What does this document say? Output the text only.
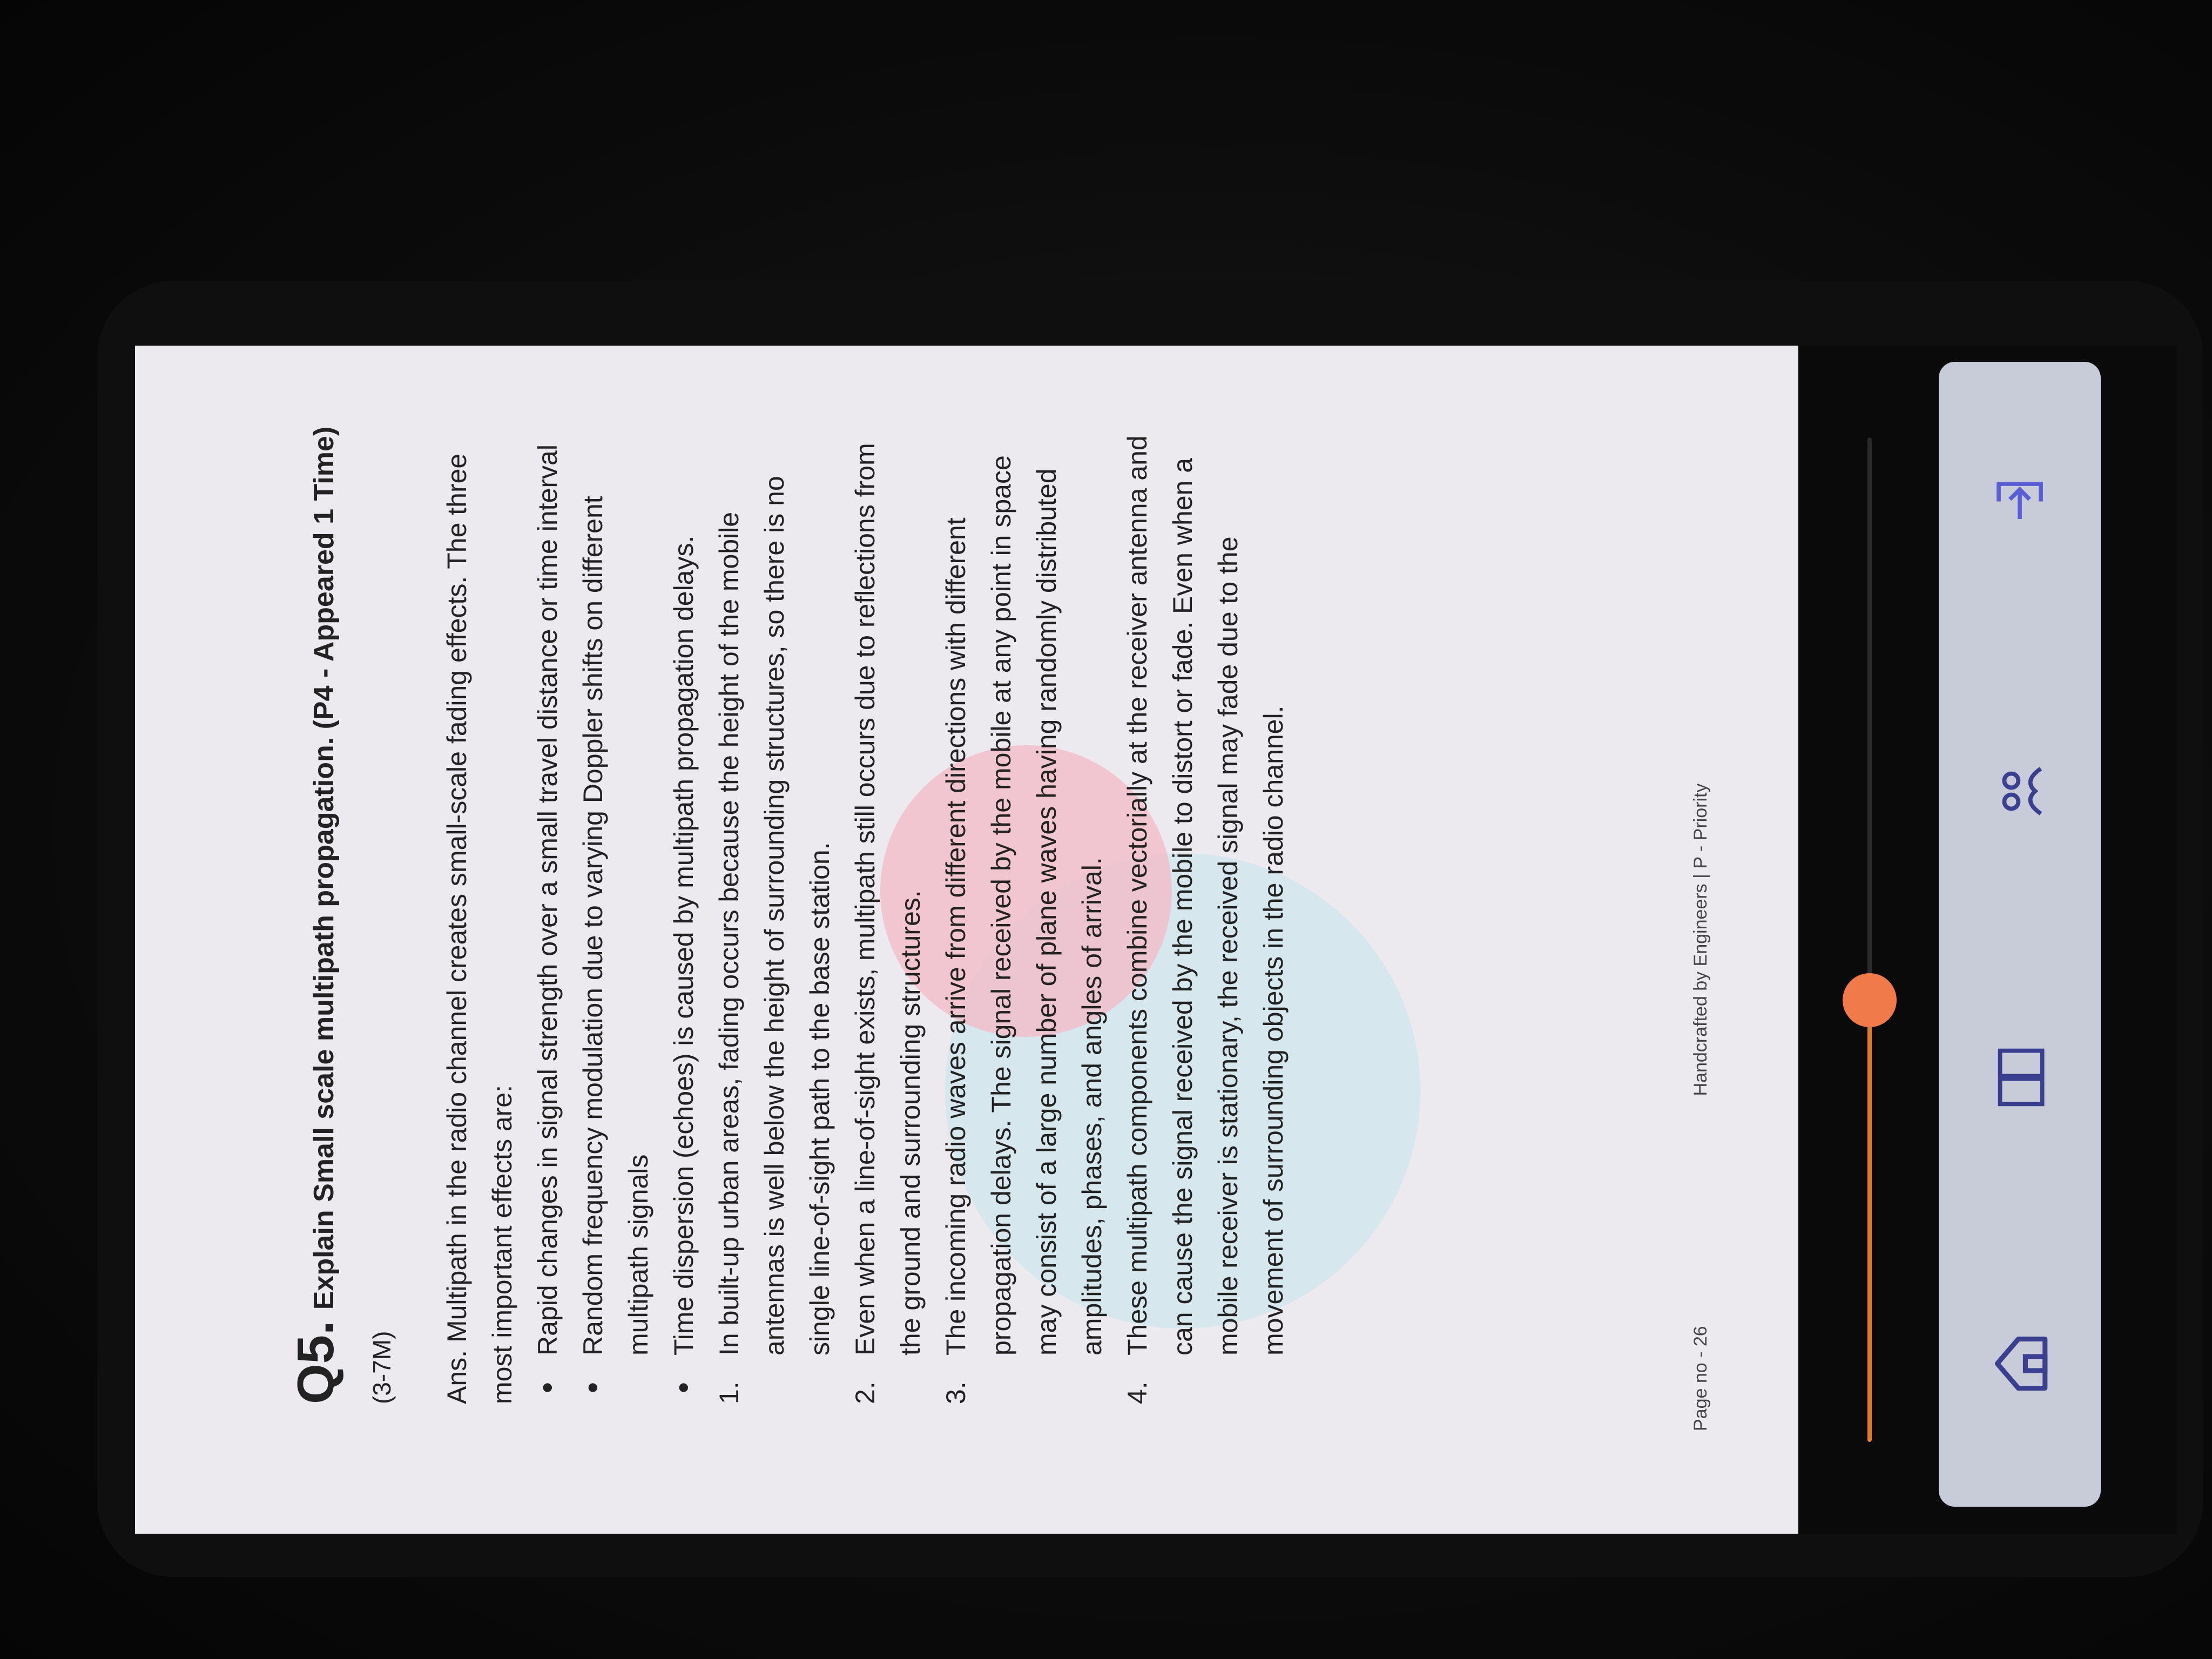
Q5.
Explain Small scale multipath propagation. (P4 - Appeared 1 Time)

(3-7M) Ans. Multipath in the radio channel creates small-scale fading effects. The three most important effects are: • Rapid changes in signal strength over a small travel distance or time interval • Random frequency modulation due to varying Doppler shifts on different multipath signals • Time dispersion (echoes) is caused by multipath propagation delays.
1.
In built-up urban areas, fading occurs because the height of the mobile antennas is well below the height of surrounding structures, so there is no single line-of-sight path to the base station.
2.
Even when a line-of-sight exists, multipath still occurs due to reflections from the ground and surrounding structures.
3.
The incoming radio waves arrive from different directions with different propagation delays. The signal received by the mobile at any point in space may consist of a large number of plane waves having randomly distributed amplitudes, phases, and angles of arrival.
4.
These multipath components combine vectorially at the receiver antenna and can cause the signal received by the mobile to distort or fade. Even when a mobile receiver is stationary, the received signal may fade due to the movement of surrounding objects in the radio channel.
Page no - 26
Handcrafted by Engineers | P - Priority
